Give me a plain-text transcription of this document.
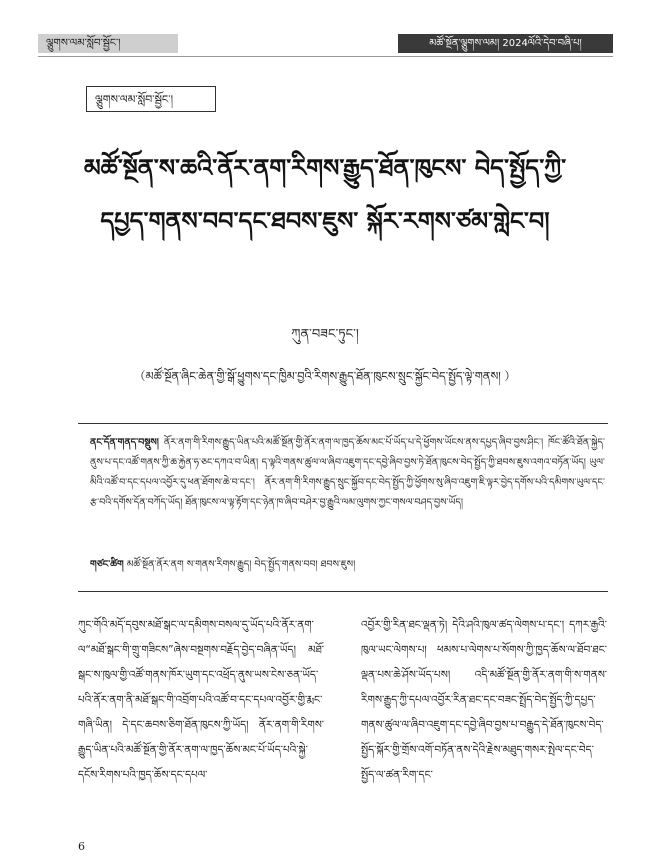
ལྕུགས་ལམ་སློབ་སྦྱོང་།	མཚོ་སྔོན་ལྕུགས་ལམ། 2024ལོའི་དེབ་བཞི་པ།
ལྕུགས་ལམ་སློབ་སྦྱོང་།
མཚོ་སྔོན་ས་ཆའི་ནོར་ནག་རིགས་རྒྱུད་ཐོན་ཁུངས་ བེད་སྤྱོད་ཀྱི་དཔྱད་གནས་བབ་དང་ཐབས་ཇུས་ སྐོར་རགས་ཙམ་གླེང་བ།
ཀུན་བཟང་ཏུང་།
（མཚོ་སྔོན་ཞིང་ཆེན་གྱི་སྒོ་ཕྱུགས་དང་ཁྱིམ་བྱའི་རིགས་རྒྱུད་ཐོན་ཁུངས་སྲུང་སྐྱོང་བེད་སྤྱོད་ལྟེ་གནས། ）
ནང་དོན་གནད་བསྡུས། ནོར་ནག་གི་རིགས་རྒྱུད་ཡིན་པའི་མཚོ་སྔོན་གྱི་ནོར་ནག་ལ་ཁྱད་ཆོས་མང་པོ་ཡོད་པ་དེ་ཕྱོགས་ཡོངས་ནས་དཔྱད་ཞིབ་བྱས་ཤིང་། ཁོང་ཚོའི་ཐོན་སྐྱེད་ནུས་པ་དང་འཚོ་གནས་ཀྱི་ཆ་རྐྱེན་ཧ་ཅང་དཀའ་བ་ཡིན། ད་ལྟའི་གནས་ཚུལ་ལ་ཞིབ་འཇུག་དང་དབྱེ་ཞིབ་བྱས་ཏེ་ཐོན་ཁུངས་བེད་སྤྱོད་ཀྱི་ཐབས་ཇུས་འགའ་བཏོན་ཡོད། ཡུལ་མིའི་འཚོ་བ་དང་དཔལ་འབྱོར་དུ་ཕན་ཐོགས་ཆེ་བ་དང་། ནོར་ནག་གི་རིགས་རྒྱུད་སྲུང་སྐྱོབ་དང་བེད་སྤྱོད་ཀྱི་ཕྱོགས་སུ་ཞིབ་འཇུག་ཇི་ལྟར་བྱེད་དགོས་པའི་དམིགས་ཡུལ་དང་རྩ་བའི་དགོས་དོན་བཀོད་ཡོད། ཐོན་ཁུངས་ལ་ལྟ་རྟོག་དང་ཉེན་ཁ་ཞིབ་བཤེར་བྱ་རྒྱུའི་ལམ་ལུགས་ཀྱང་གསལ་བཤད་བྱས་ཡོད།
གཙང་ཚིག མཚོ་སྔོན་ནོར་ནག ས་གནས་རིགས་རྒྱུད། བེད་སྤྱོད་གནས་བབ། ཐབས་ཇུས།
ཀུང་གོའི་མདོ་དབུས་མཐོ་སྒང་ལ་དམིགས་བསལ་དུ་ཡོད་པའི་ནོར་ནག་ལ“མཐོ་སྒང་གི་གྲུ་གཟིངས”ཞེས་བསྔགས་བརྗོད་བྱེད་བཞིན་ཡོད། མཐོ་སྒང་ས་ཁུལ་གྱི་འཚོ་གནས་ཁོར་ཡུག་དང་འཕྲོད་ནུས་ཡས་ངེས་ཅན་ཡོད་པའི་ནོར་ནག་ནི་མཐོ་སྒང་གི་འབྲོག་པའི་འཚོ་བ་དང་དཔལ་འབྱོར་གྱི་རྨང་གཞི་ཡིན། དེ་དང་ཆབས་ཅིག་ཐོན་ཁུངས་ཀྱི་ཡོད། ནོར་ནག་གི་རིགས་རྒྱུད་ཡིན་པའི་མཚོ་སྔོན་གྱི་ནོར་ནག་ལ་ཁྱད་ཆོས་མང་པོ་ཡོད་པའི་སྐྱེ་དངོས་རིགས་པའི་ཁྱད་ཆོས་དང་དཔལ་
འབྱོར་གྱི་རིན་ཐང་ལྡན་ཏེ། དེའི་ཤའི་ཁུལ་ཚད་ལེགས་པ་དང་། དཀར་རྒྱའི་ཁུལ་ཡང་ལེགས་པ། ཕམས་པ་ལེགས་པ་སོགས་ཀྱི་ཁྱད་ཆོས་ལ་ཐོབ་ཐང་ལྡན་པས་ཆེ་ཤོས་ཡོད་པས། འདི་མཚོ་སྔོན་གྱི་ནོར་ནག་གི་ས་གནས་རིགས་རྒྱུད་ཀྱི་དཔལ་འབྱོར་རིན་ཐང་དང་བཟང་སྤྲོད་བེད་སྤྱོད་ཀྱི་དཔྱད་གནས་ཚུལ་ལ་ཞིབ་འཇུག་དང་དབྱེ་ཞིབ་བྱས་པ་བརྒྱུད་དེ་ཐོན་ཁུངས་བེད་སྤྱོད་སྐོར་གྱི་གྲོས་འགོ་བཏོན་ནས་དེའི་རྗེས་མཐུད་གསར་སྤེལ་དང་བེད་སྤྱོད་ལ་ཚན་རིག་དང་
6
